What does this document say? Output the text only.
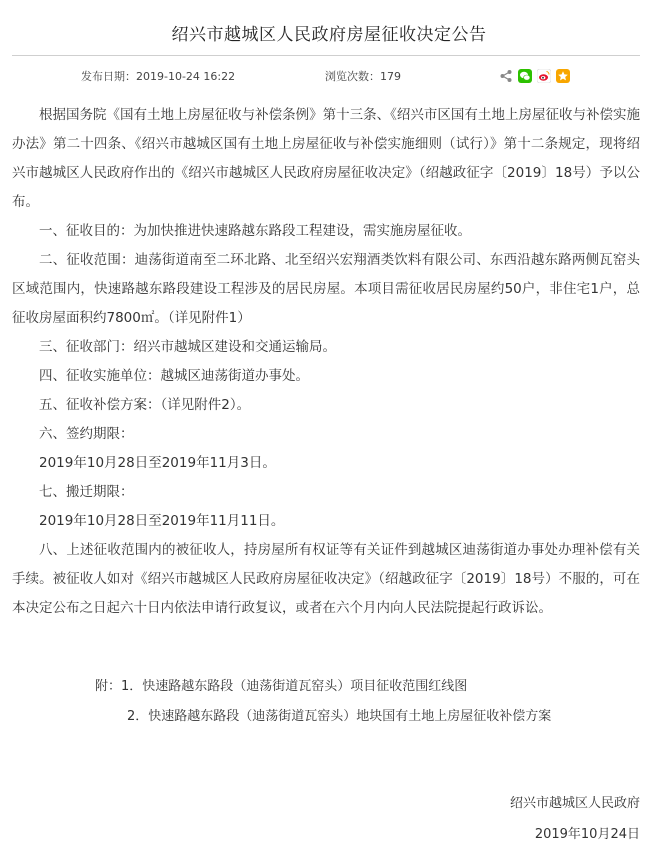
绍兴市越城区人民政府房屋征收决定公告
发布日期：2019-10-24 16:22	浏览次数：179

根据国务院《国有土地上房屋征收与补偿条例》第十三条、《绍兴市区国有土地上房屋征收与补偿实施办法》第二十四条、《绍兴市越城区国有土地上房屋征收与补偿实施细则（试行）》第十二条规定，现将绍兴市越城区人民政府作出的《绍兴市越城区人民政府房屋征收决定》（绍越政征字〔2019〕18号）予以公布。

一、征收目的：为加快推进快速路越东路段工程建设，需实施房屋征收。

二、征收范围：迪荡街道南至二环北路、北至绍兴宏翔酒类饮料有限公司、东西沿越东路两侧瓦窑头区域范围内，快速路越东路段建设工程涉及的居民房屋。本项目需征收居民房屋约50户，非住宅1户，总征收房屋面积约7800㎡。（详见附件1）

三、征收部门：绍兴市越城区建设和交通运输局。

四、征收实施单位：越城区迪荡街道办事处。

五、征收补偿方案：（详见附件2）。

六、签约期限：

2019年10月28日至2019年11月3日。

七、搬迁期限：

2019年10月28日至2019年11月11日。

八、上述征收范围内的被征收人，持房屋所有权证等有关证件到越城区迪荡街道办事处办理补偿有关手续。被征收人如对《绍兴市越城区人民政府房屋征收决定》（绍越政征字〔2019〕18号）不服的，可在本决定公布之日起六十日内依法申请行政复议，或者在六个月内向人民法院提起行政诉讼。

附：1．快速路越东路段（迪荡街道瓦窑头）项目征收范围红线图
2．快速路越东路段（迪荡街道瓦窑头）地块国有土地上房屋征收补偿方案
绍兴市越城区人民政府
2019年10月24日
